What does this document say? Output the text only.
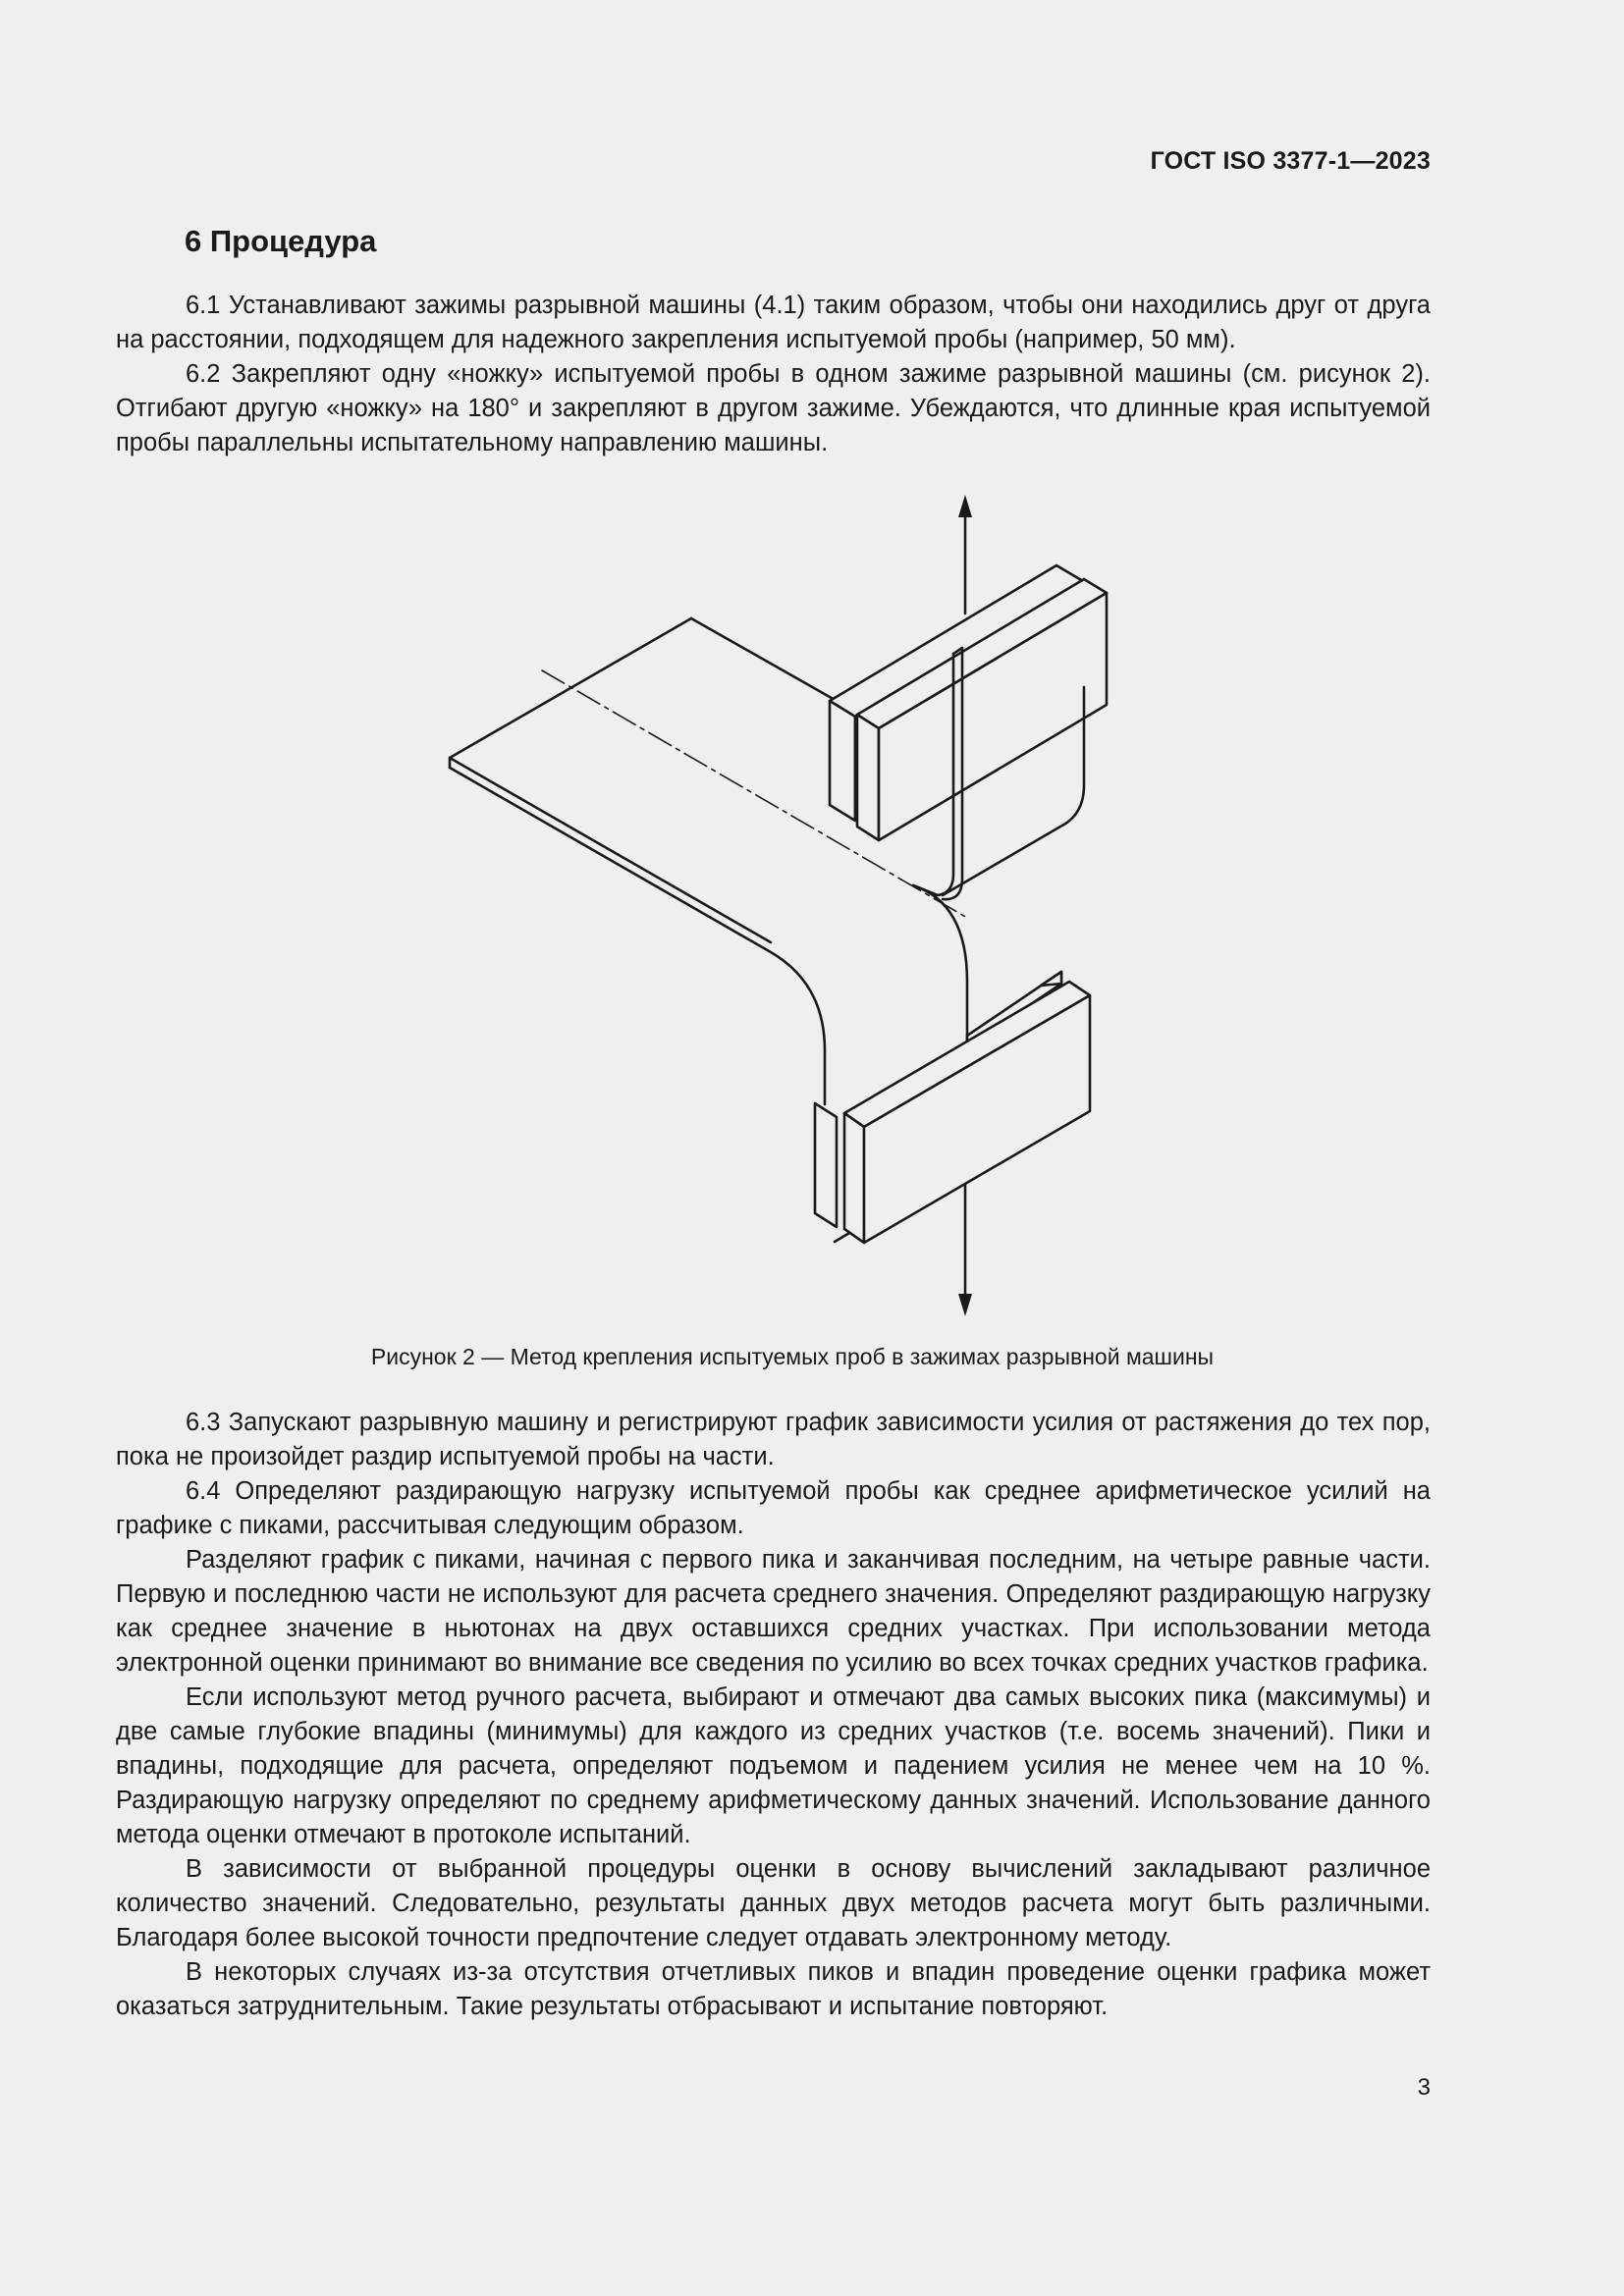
ГОСТ ISO 3377-1—2023
6 Процедура

6.1 Устанавливают зажимы разрывной машины (4.1) таким образом, чтобы они находились друг от друга на расстоянии, подходящем для надежного закрепления испытуемой пробы (например, 50 мм).

6.2 Закрепляют одну «ножку» испытуемой пробы в одном зажиме разрывной машины (см. рисунок 2). Отгибают другую «ножку» на 180° и закрепляют в другом зажиме. Убеждаются, что длинные края испытуемой пробы параллельны испытательному направлению машины.

Рисунок 2 — Метод крепления испытуемых проб в зажимах разрывной машины

6.3 Запускают разрывную машину и регистрируют график зависимости усилия от растяжения до тех пор, пока не произойдет раздир испытуемой пробы на части.

6.4 Определяют раздирающую нагрузку испытуемой пробы как среднее арифметическое усилий на графике с пиками, рассчитывая следующим образом.

Разделяют график с пиками, начиная с первого пика и заканчивая последним, на четыре равные части. Первую и последнюю части не используют для расчета среднего значения. Определяют раздирающую нагрузку как среднее значение в ньютонах на двух оставшихся средних участках. При использовании метода электронной оценки принимают во внимание все сведения по усилию во всех точках средних участков графика.

Если используют метод ручного расчета, выбирают и отмечают два самых высоких пика (максимумы) и две самые глубокие впадины (минимумы) для каждого из средних участков (т.е. восемь значений). Пики и впадины, подходящие для расчета, определяют подъемом и падением усилия не менее чем на 10 %. Раздирающую нагрузку определяют по среднему арифметическому данных значений. Использование данного метода оценки отмечают в протоколе испытаний.

В зависимости от выбранной процедуры оценки в основу вычислений закладывают различное количество значений. Следовательно, результаты данных двух методов расчета могут быть различными. Благодаря более высокой точности предпочтение следует отдавать электронному методу.

В некоторых случаях из-за отсутствия отчетливых пиков и впадин проведение оценки графика может оказаться затруднительным. Такие результаты отбрасывают и испытание повторяют.

3
